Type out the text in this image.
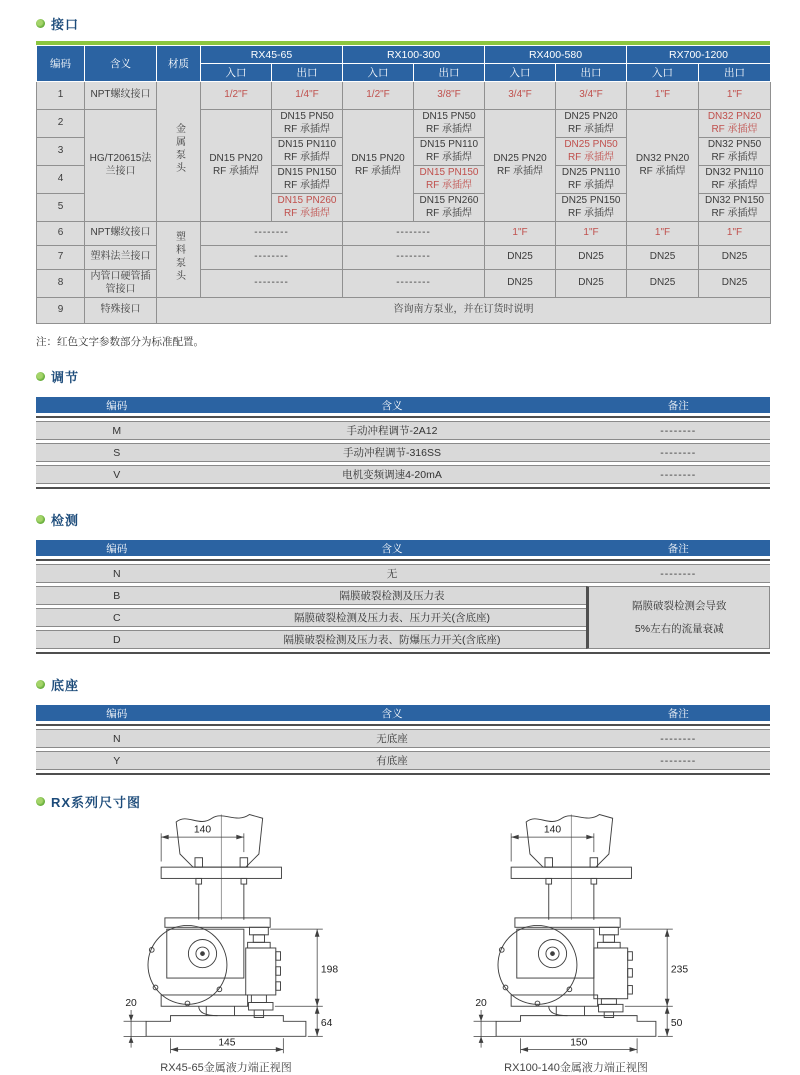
接口
编码	含义	材质	RX45-65		RX100-300		RX400-580		RX700-1200	
			入口	出口	入口	出口	入口	出口	入口	出口
1	NPT螺纹接口	金属泵头	1/2"F	1/4"F	1/2"F	3/8"F	3/4"F	3/4"F	1"F	1"F
2	HG/T20615法兰接口		DN15 PN20 RF 承插焊	DN15 PN50 RF 承插焊	DN15 PN20 RF 承插焊	DN15 PN50 RF 承插焊	DN25 PN20 RF 承插焊	DN25 PN20 RF 承插焊	DN32 PN20 RF 承插焊	DN32 PN20 RF 承插焊
3				DN15 PN110 RF 承插焊		DN15 PN110 RF 承插焊		DN25 PN50 RF 承插焊		DN32 PN50 RF 承插焊
4				DN15 PN150 RF 承插焊		DN15 PN150 RF 承插焊		DN25 PN110 RF 承插焊		DN32 PN110 RF 承插焊
5				DN15 PN260 RF 承插焊		DN15 PN260 RF 承插焊		DN25 PN150 RF 承插焊		DN32 PN150 RF 承插焊
6	NPT螺纹接口	塑料泵头	--------		--------		1"F	1"F	1"F	1"F
7	塑料法兰接口		--------		--------		DN25	DN25	DN25	DN25
8	内管口硬管插管接口		--------		--------		DN25	DN25	DN25	DN25
9	特殊接口	咨询南方泵业，并在订货时说明								
注：红色文字参数部分为标准配置。
调节
编码	含义	备注

M	手动冲程调节-2A12	--------
S	手动冲程调节-316SS	--------
V	电机变频调速4-20mA	--------

检测
编码	含义	备注

N	无	--------
B	隔膜破裂检测及压力表	隔膜破裂检测会导致
5%左右的流量衰减

C	隔膜破裂检测及压力表、压力开关(含底座)	
D	隔膜破裂检测及压力表、防爆压力开关(含底座)	

底座
编码	含义	备注

N	无底座	--------
Y	有底座	--------

RX系列尺寸图
140
198
64
20
145
RX45-65金属液力端正视图
140
235
50
20
150
RX100-140金属液力端正视图
